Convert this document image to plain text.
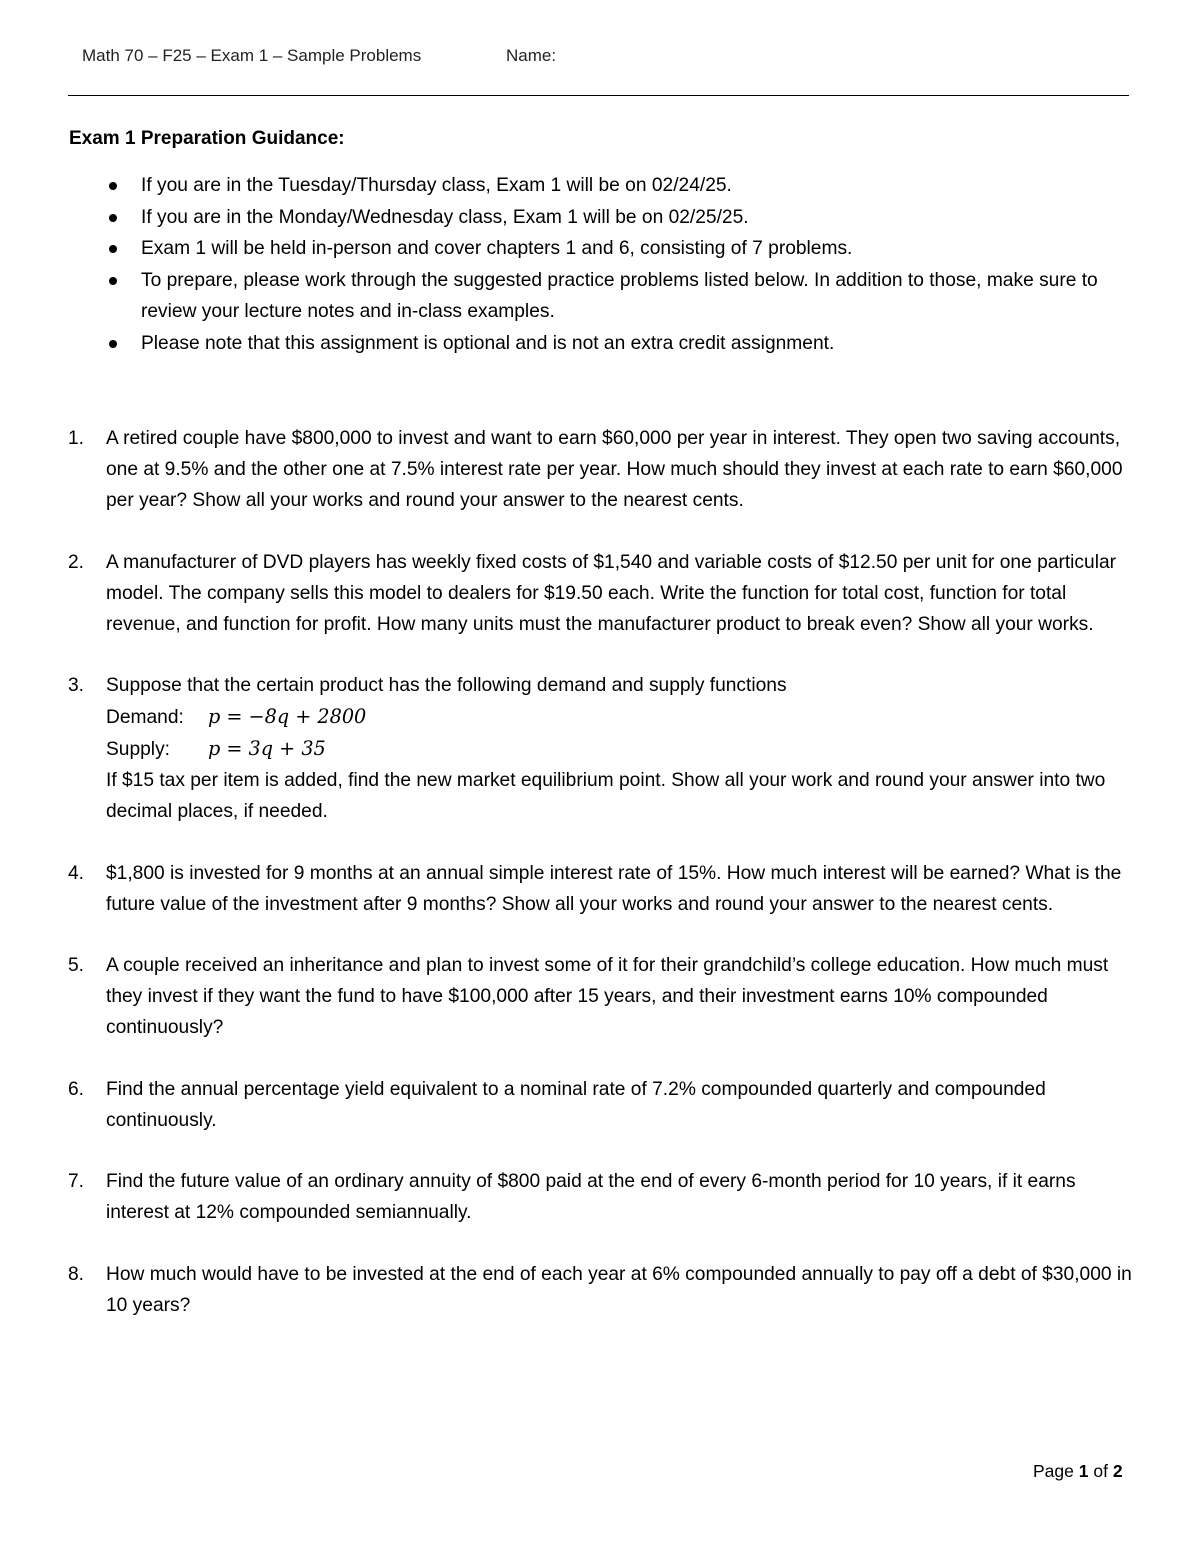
Math 70 – F25 – Exam 1 – Sample Problems	Name:
Exam 1 Preparation Guidance:
If you are in the Tuesday/Thursday class, Exam 1 will be on 02/24/25.
If you are in the Monday/Wednesday class, Exam 1 will be on 02/25/25.
Exam 1 will be held in-person and cover chapters 1 and 6, consisting of 7 problems.
To prepare, please work through the suggested practice problems listed below. In addition to those, make sure to review your lecture notes and in-class examples.
Please note that this assignment is optional and is not an extra credit assignment.
1. A retired couple have $800,000 to invest and want to earn $60,000 per year in interest. They open two saving accounts, one at 9.5% and the other one at 7.5% interest rate per year. How much should they invest at each rate to earn $60,000 per year? Show all your works and round your answer to the nearest cents.
2. A manufacturer of DVD players has weekly fixed costs of $1,540 and variable costs of $12.50 per unit for one particular model. The company sells this model to dealers for $19.50 each. Write the function for total cost, function for total revenue, and function for profit. How many units must the manufacturer product to break even? Show all your works.
3. Suppose that the certain product has the following demand and supply functions
Demand: p = −8q + 2800
Supply: p = 3q + 35
If $15 tax per item is added, find the new market equilibrium point. Show all your work and round your answer into two decimal places, if needed.
4. $1,800 is invested for 9 months at an annual simple interest rate of 15%. How much interest will be earned? What is the future value of the investment after 9 months? Show all your works and round your answer to the nearest cents.
5. A couple received an inheritance and plan to invest some of it for their grandchild’s college education. How much must they invest if they want the fund to have $100,000 after 15 years, and their investment earns 10% compounded continuously?
6. Find the annual percentage yield equivalent to a nominal rate of 7.2% compounded quarterly and compounded continuously.
7. Find the future value of an ordinary annuity of $800 paid at the end of every 6-month period for 10 years, if it earns interest at 12% compounded semiannually.
8. How much would have to be invested at the end of each year at 6% compounded annually to pay off a debt of $30,000 in 10 years?
Page 1 of 2
